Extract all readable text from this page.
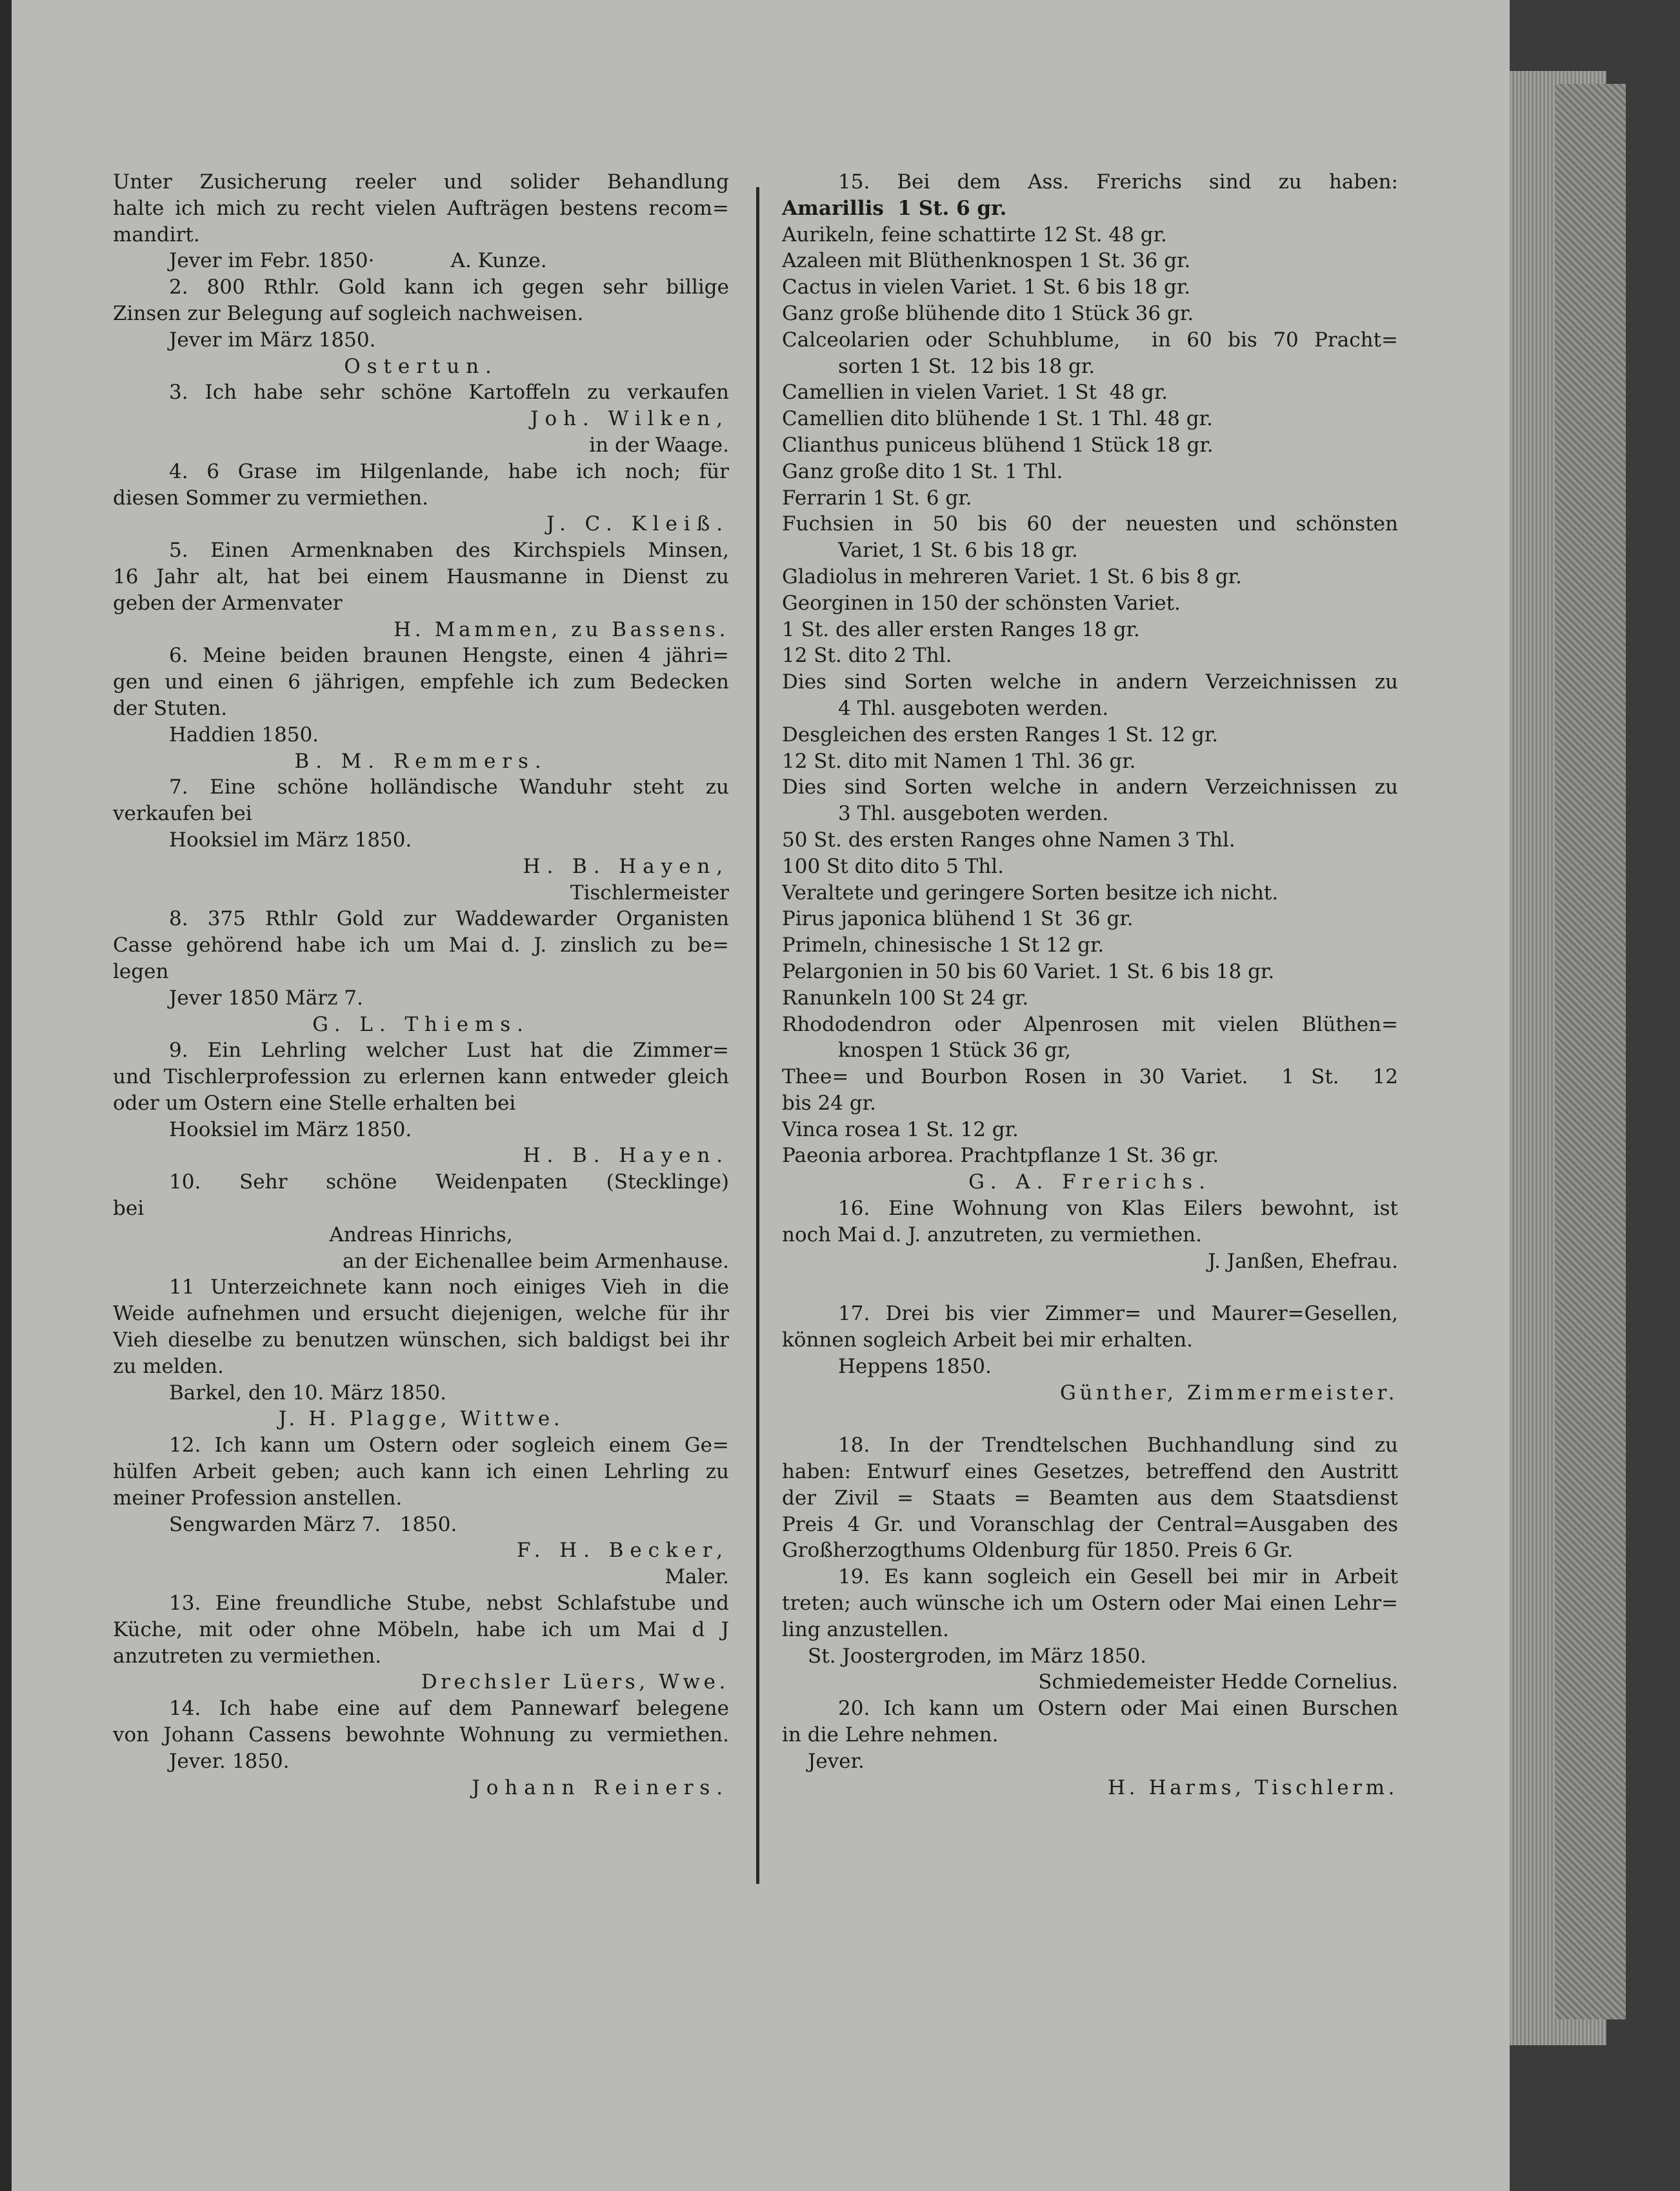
Unter Zusicherung reeler und solider Behandlung
halte ich mich zu recht vielen Aufträgen bestens recom=
mandirt.
Jever im Febr. 1850·            A. Kunze.
2. 800 Rthlr. Gold kann ich gegen sehr billige
Zinsen zur Belegung auf sogleich nachweisen.
Jever im März 1850.
Ostertun.
3. Ich habe sehr schöne Kartoffeln zu verkaufen
Joh. Wilken,
in der Waage.
4. 6 Grase im Hilgenlande, habe ich noch; für
diesen Sommer zu vermiethen.
J. C. Kleiß.
5. Einen Armenknaben des Kirchspiels Minsen,
16 Jahr alt, hat bei einem Hausmanne in Dienst zu
geben der Armenvater
H. Mammen, zu Bassens.
6. Meine beiden braunen Hengste, einen 4 jähri=
gen und einen 6 jährigen, empfehle ich zum Bedecken
der Stuten.
Haddien 1850.
B. M. Remmers.
7. Eine schöne holländische Wanduhr steht zu
verkaufen bei
Hooksiel im März 1850.
H. B. Hayen,
Tischlermeister
8. 375 Rthlr Gold zur Waddewarder Organisten
Casse gehörend habe ich um Mai d. J. zinslich zu be=
legen
Jever 1850 März 7.
G. L. Thiems.
9. Ein Lehrling welcher Lust hat die Zimmer=
und Tischlerprofession zu erlernen kann entweder gleich
oder um Ostern eine Stelle erhalten bei
Hooksiel im März 1850.
H. B. Hayen.
10. Sehr schöne Weidenpaten (Stecklinge)
bei
Andreas Hinrichs,
an der Eichenallee beim Armenhause.
11 Unterzeichnete kann noch einiges Vieh in die
Weide aufnehmen und ersucht diejenigen, welche für ihr
Vieh dieselbe zu benutzen wünschen, sich baldigst bei ihr
zu melden.
Barkel, den 10. März 1850.
J. H. Plagge, Wittwe.
12. Ich kann um Ostern oder sogleich einem Ge=
hülfen Arbeit geben; auch kann ich einen Lehrling zu
meiner Profession anstellen.
Sengwarden März 7.   1850.
F. H. Becker,
Maler.
13. Eine freundliche Stube, nebst Schlafstube und
Küche, mit oder ohne Möbeln, habe ich um Mai d J
anzutreten zu vermiethen.
Drechsler Lüers, Wwe.
14. Ich habe eine auf dem Pannewarf belegene
von Johann Cassens bewohnte Wohnung zu vermiethen.
Jever. 1850.
Johann Reiners.
15. Bei dem Ass. Frerichs sind zu haben:
Amarillis  1 St. 6 gr.
Aurikeln, feine schattirte 12 St. 48 gr.
Azaleen mit Blüthenknospen 1 St. 36 gr.
Cactus in vielen Variet. 1 St. 6 bis 18 gr.
Ganz große blühende dito 1 Stück 36 gr.
Calceolarien oder Schuhblume,  in 60 bis 70 Pracht=
sorten 1 St.  12 bis 18 gr.
Camellien in vielen Variet. 1 St  48 gr.
Camellien dito blühende 1 St. 1 Thl. 48 gr.
Clianthus puniceus blühend 1 Stück 18 gr.
Ganz große dito 1 St. 1 Thl.
Ferrarin 1 St. 6 gr.
Fuchsien in 50 bis 60 der neuesten und schönsten
Variet, 1 St. 6 bis 18 gr.
Gladiolus in mehreren Variet. 1 St. 6 bis 8 gr.
Georginen in 150 der schönsten Variet.
1 St. des aller ersten Ranges 18 gr.
12 St. dito 2 Thl.
Dies sind Sorten welche in andern Verzeichnissen zu
4 Thl. ausgeboten werden.
Desgleichen des ersten Ranges 1 St. 12 gr.
12 St. dito mit Namen 1 Thl. 36 gr.
Dies sind Sorten welche in andern Verzeichnissen zu
3 Thl. ausgeboten werden.
50 St. des ersten Ranges ohne Namen 3 Thl.
100 St dito dito 5 Thl.
Veraltete und geringere Sorten besitze ich nicht.
Pirus japonica blühend 1 St  36 gr.
Primeln, chinesische 1 St 12 gr.
Pelargonien in 50 bis 60 Variet. 1 St. 6 bis 18 gr.
Ranunkeln 100 St 24 gr.
Rhododendron oder Alpenrosen mit vielen Blüthen=
knospen 1 Stück 36 gr,
Thee= und Bourbon Rosen in 30 Variet.  1 St.  12
bis 24 gr.
Vinca rosea 1 St. 12 gr.
Paeonia arborea. Prachtpflanze 1 St. 36 gr.
G. A. Frerichs.
16. Eine Wohnung von Klas Eilers bewohnt, ist
noch Mai d. J. anzutreten, zu vermiethen.
J. Janßen, Ehefrau.
17. Drei bis vier Zimmer= und Maurer=Gesellen,
können sogleich Arbeit bei mir erhalten.
Heppens 1850.
Günther, Zimmermeister.
18. In der Trendtelschen Buchhandlung sind zu
haben: Entwurf eines Gesetzes, betreffend den Austritt
der Zivil = Staats = Beamten aus dem Staatsdienst
Preis 4 Gr. und Voranschlag der Central=Ausgaben des
Großherzogthums Oldenburg für 1850. Preis 6 Gr.
19. Es kann sogleich ein Gesell bei mir in Arbeit
treten; auch wünsche ich um Ostern oder Mai einen Lehr=
ling anzustellen.
St. Joostergroden, im März 1850.
Schmiedemeister Hedde Cornelius.
20. Ich kann um Ostern oder Mai einen Burschen
in die Lehre nehmen.
Jever.
H. Harms, Tischlerm.
